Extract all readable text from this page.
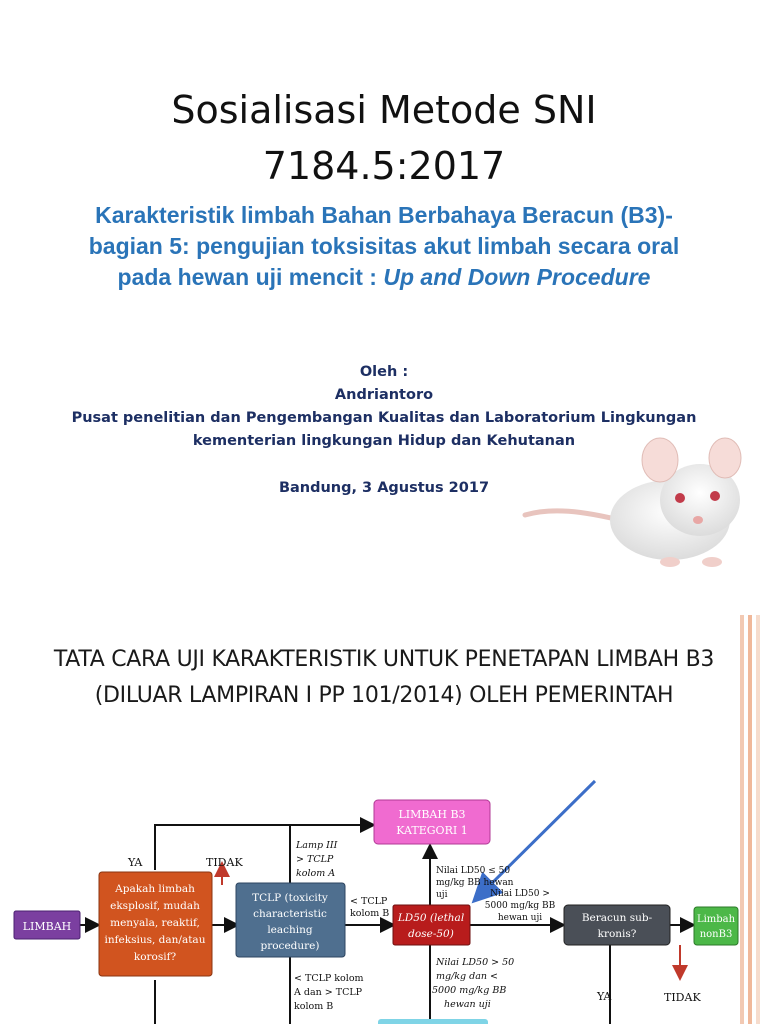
Sosialisasi Metode SNI
7184.5:2017

Karakteristik limbah Bahan Berbahaya Beracun (B3)- bagian 5: pengujian toksisitas akut limbah secara oral pada hewan uji mencit : Up and Down Procedure

Oleh :
Andriantoro
Pusat penelitian dan Pengembangan Kualitas dan Laboratorium Lingkungan
kementerian lingkungan Hidup dan Kehutanan
Bandung, 3 Agustus 2017
TATA CARA UJI KARAKTERISTIK UNTUK PENETAPAN LIMBAH B3
(DILUAR LAMPIRAN I PP 101/2014) OLEH PEMERINTAH
LIMBAH
Apakah limbah
eksplosif, mudah
menyala, reaktif,
infeksius, dan/atau
korosif?
YA	TIDAK
TCLP (toxicity
characteristic
leaching
procedure)
Lamp III
> TCLP
kolom A
< TCLP
kolom B
< TCLP kolom
A dan > TCLP
kolom B
LIMBAH B3
KATEGORI 1
Nilai LD50 ≤ 50
mg/kg BB hewan
uji	Nilai LD50 >
5000 mg/kg BB
hewan uji
Nilai LD50 > 50
mg/kg dan <
5000 mg/kg BB
hewan uji
LD50 (lethal
dose-50)
Beracun sub-
kronis?
Limbah
nonB3
YA	TIDAK
